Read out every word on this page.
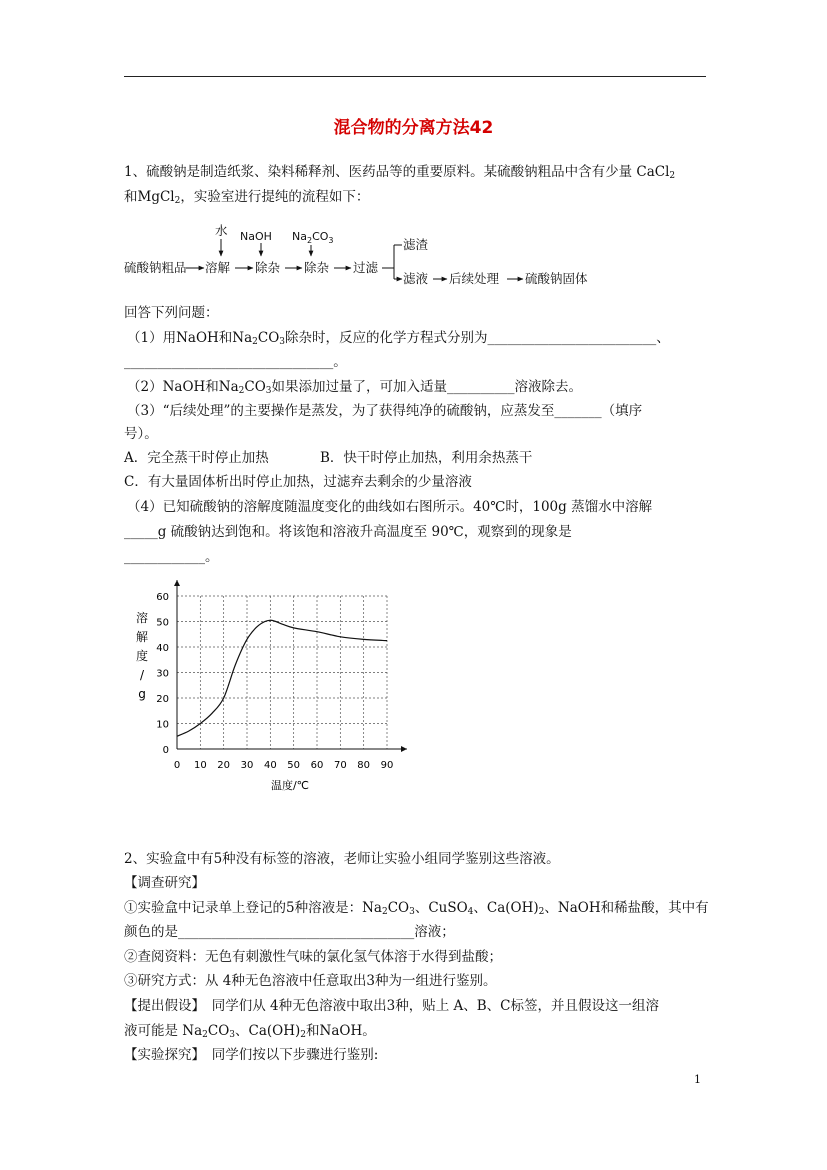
混合物的分离方法42
1、硫酸钠是制造纸浆、染料稀释剂、医药品等的重要原料。某硫酸钠粗品中含有少量 CaCl$_2$
和MgCl$_2$，实验室进行提纯的流程如下：
硫酸钠粗品 溶解 除杂 除杂 过滤
滤渣
滤液 后续处理 硫酸钠固体
水 NaOH $Na_2CO_3$
回答下列问题：
（1）用NaOH和$Na_2CO_3$除杂时，反应的化学方程式分别为_________________________、
_______________________________。
（2）NaOH和$Na_2CO_3$如果添加过量了，可加入适量__________溶液除去。
（3）“后续处理”的主要操作是蒸发，为了获得纯净的硫酸钠，应蒸发至_______（填序
号）。
A．完全蒸干时停止加热	B．快干时停止加热，利用余热蒸干
C．有大量固体析出时停止加热，过滤弃去剩余的少量溶液
（4）已知硫酸钠的溶解度随温度变化的曲线如右图所示。40℃时，100g 蒸馏水中溶解
_____g 硫酸钠达到饱和。将该饱和溶液升高温度至 90℃，观察到的现象是
____________。
0 10 20 30 40 50 60 70 80 90
0
10
20
30
40
50
60
温度/℃
溶
解
度
/
g
2、实验盒中有5种没有标签的溶液，老师让实验小组同学鉴别这些溶液。
【调查研究】
①实验盒中记录单上登记的5种溶液是：$Na_2CO_3$、CuSO$_4$、$Ca(OH)_2$、NaOH和稀盐酸，其中有
颜色的是___________________________________溶液；
②查阅资料：无色有刺激性气味的氯化氢气体溶于水得到盐酸；
③研究方式：从 4种无色溶液中任意取出3种为一组进行鉴别。
【提出假设】　同学们从 4种无色溶液中取出3种，贴上 A、B、C标签，并且假设这一组溶
液可能是 $Na_2CO_3$、$Ca(OH)_2$和NaOH。
【实验探究】　同学们按以下步骤进行鉴别:
1
